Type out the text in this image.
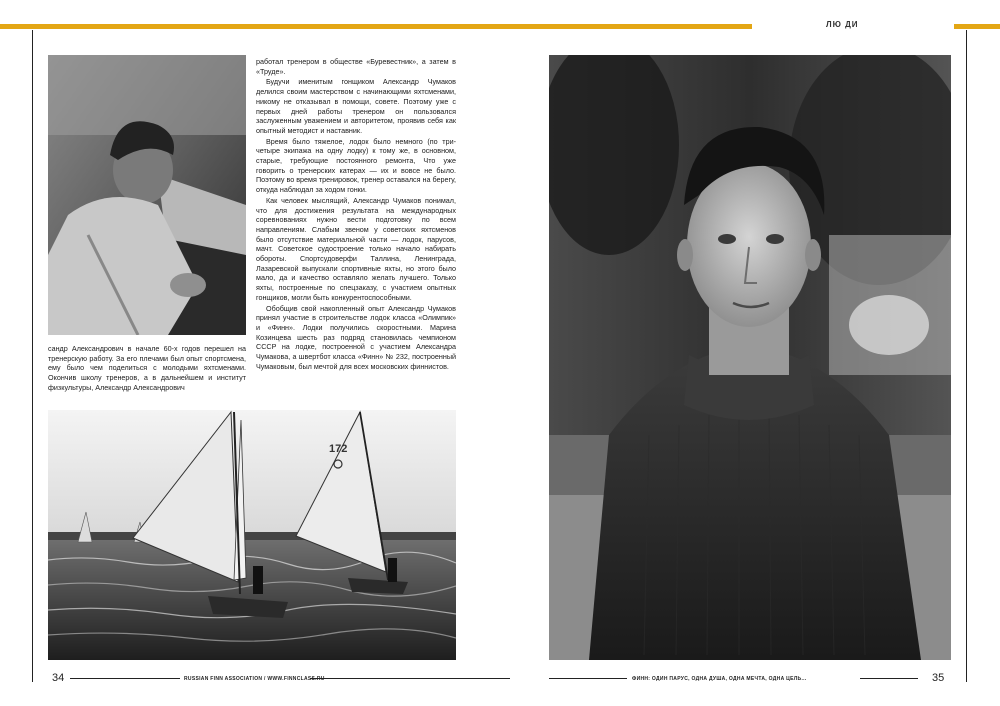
ЛЮ ДИ

сандр Александрович в начале 60-х годов перешел на тренерскую работу. За его плечами был опыт спортсмена, ему было чем поделиться с молодыми яхтсменами. Окончив школу тренеров, а в дальнейшем и институт физкультуры, Александр Александрович

работал тренером в обществе «Буревестник», а затем в «Труде».

Будучи именитым гонщиком Александр Чумаков делился своим мастерством с начинающими яхтсменами, никому не отказывал в помощи, совете. Поэтому уже с первых дней работы тренером он пользовался заслуженным уважением и авторитетом, проявив себя как опытный методист и наставник.

Время было тяжелое, лодок было немного (по три-четыре экипажа на одну лодку) к тому же, в основном, старые, требующие постоянного ремонта, Что уже говорить о тренерских катерах — их и вовсе не было. Поэтому во время тренировок, тренер оставался на берегу, откуда наблюдал за ходом гонки.

Как человек мыслящий, Александр Чумаков понимал, что для достижения результата на международных соревнованиях нужно вести подготовку по всем направлениям. Слабым звеном у советских яхтсменов было отсутствие материальной части — лодок, парусов, мачт. Советское судостроение только начало набирать обороты. Спортсудоверфи Таллина, Ленинграда, Лазаревской выпускали спортивные яхты, но этого было мало, да и качество оставляло желать лучшего. Только яхты, построенные по спецзаказу, с участием опытных гонщиков, могли быть конкурентоспособными.

Обобщив свой накопленный опыт Александр Чумаков принял участие в строительстве лодок класса «Олимпик» и «Финн». Лодки получились скоростными. Марина Козинцева шесть раз подряд становилась чемпионом СССР на лодке, построенной с участием Александра Чумакова, а швертбот класса «Финн» № 232, построенный Чумаковым, был мечтой для всех московских финнистов.

172
34	RUSSIAN FINN ASSOCIATION / WWW.FINNCLASS.RU	ФИНН: ОДИН ПАРУС, ОДНА ДУША, ОДНА МЕЧТА, ОДНА ЦЕЛЬ...	35
